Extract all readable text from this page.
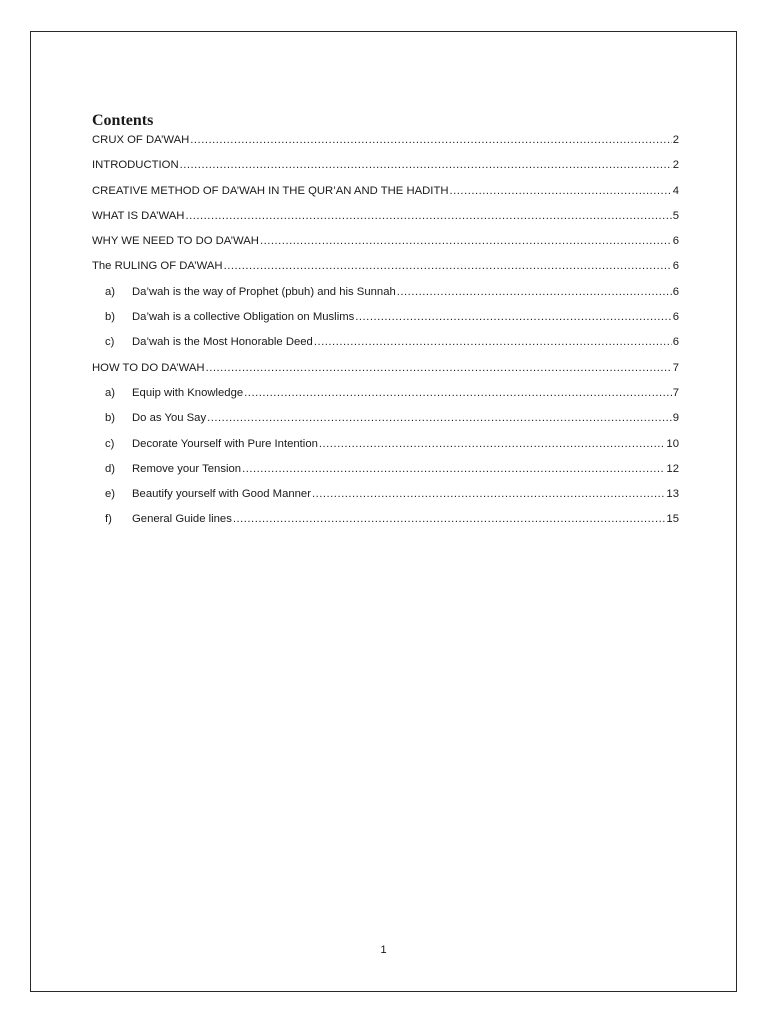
Contents
CRUX OF DA’WAH .....	2
INTRODUCTION .....	2
CREATIVE METHOD OF DA’WAH IN THE QUR’AN AND THE HADITH .....	4
WHAT IS DA’WAH .....	5
WHY WE NEED TO DO DA’WAH .....	6
The RULING OF DA’WAH .....	6
a)	Da’wah is the way of Prophet (pbuh) and his Sunnah .....	6
b)	Da’wah is a collective Obligation on Muslims .....	6
c)	Da’wah is the Most Honorable Deed .....	6
HOW TO DO DA’WAH .....	7
a)	Equip with Knowledge .....	7
b)	Do as You Say .....	9
c)	Decorate Yourself with Pure Intention .....	10
d)	Remove your Tension .....	12
e)	Beautify yourself with Good Manner .....	13
f)	General Guide lines .....	15
1
